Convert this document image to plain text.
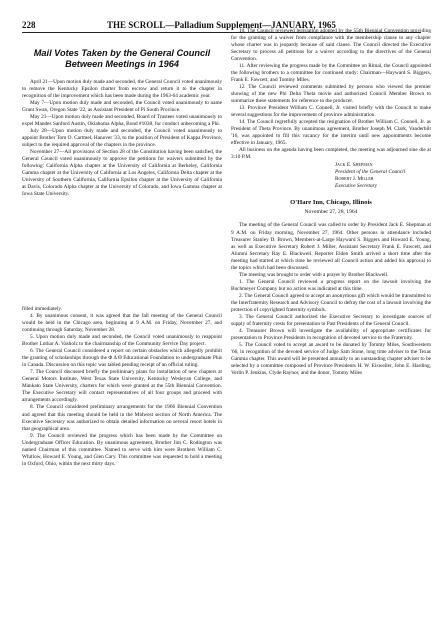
228	THE SCROLL—Palladium Supplement—JANUARY, 1965
Mail Votes Taken by the General Council Between Meetings in 1964

April 21—Upon motion duly made and seconded, the General Council voted unanimously to remove the Kentucky Epsilon charter from escrow and return it to the chapter in recognition of the improvement which has been made during the 1963-64 academic year.

May 7—Upon motion duly made and seconded, the Council voted unanimously to name Grant Swan, Oregon State '22, as Assistant President of Pi South Province.

May 21—Upon motion duly made and seconded, Board of Trustees voted unanimously to expel Mandes Sanford Austin, Oklahoma Alpha, Bond #1038, for conduct unbecoming a Phi.

July 28—Upon motion duly made and seconded, the Council voted unanimously to appoint Brother Tom O. Cartmel, Hanover '33, to the position of President of Kappa Province, subject to the required approval of the chapters in the province.

November 27—All provisions of Section 28 of the Constitution having been satisfied, the General Council voted unanimously to approve the petitions for waivers submitted by the following: California Alpha chapter at the University of California at Berkeley, California Gamma chapter at the University of California at Los Angeles, California Delta chapter at the University of Southern California, California Epsilon chapter at the University of California at Davis, Colorado Alpha chapter at the University of Colorado, and Iowa Gamma chapter at Iowa State University.

filled immediately.

4. By unanimous consent, it was agreed that the fall meeting of the General Council would be held in the Chicago area, beginning at 9 A.M. on Friday, November 27, and continuing through Saturday, November 28.

5. Upon motion duly made and seconded, the Council voted unanimously to reappoint Brother Lothar A. Vasholz to the chairmanship of the Community Service Day project.

6. The General Council considered a report on certain obstacles which allegedly prohibit the granting of scholarships through the Φ Δ Θ Educational Foundation to undergraduate Phis in Canada. Discussion on this topic was tabled pending receipt of an official ruling.

7. The Council discussed briefly the preliminary plans for installation of new chapters at General Motors Institute, West Texas State University, Kentucky Wesleyan College, and Mankato State University, charters for which were granted at the 55th Biennial Convention. The Executive Secretary will contact representatives of all four groups and proceed with arrangements accordingly.

8. The Council considered preliminary arrangements for the 1966 Biennial Convention and agreed that this meeting should be held in the Midwest section of North America. The Executive Secretary was authorized to obtain detailed information on several resort hotels in that geographical area.

9. The Council reviewed the progress which has been made by the Committee on Undergraduate Officer Education. By unanimous agreement, Brother Jim C. Rodington was named Chairman of this committee. Named to serve with him were Brothers William C. Whitlow, Howard E. Young, and Glen Cary. This committee was requested to hold a meeting in Oxford, Ohio, within the next thirty days.

10. The Council reviewed legislation adopted by the 55th Biennial Convention providing for the granting of a waiver from compliance with the membership clause to any chapter whose charter was in jeopardy because of said clause. The Council directed the Executive Secretary to process all petitions for a waiver according to the directives of the General Convention.

11. After reviewing the progress made by the Committee on Ritual, the Council appointed the following brothers to a committee for continued study: Chairman—Hayward S. Biggers, Frank E. Fawcett, and Tommy Miles.

12. The Council reviewed comments submitted by persons who viewed the premier showing of the new Phi Delta Theta movie and authorized Council Member Brown to summarize these statements for reference to the producer.

13. Province President William C. Connell, Jr. visited briefly with the Council to make several suggestions for the improvement of province administration.

14. The Council regretfully accepted the resignation of Brother William C. Connell, Jr. as President of Theta Province. By unanimous agreement, Brother Joseph M. Clark, Vanderbilt '16, was appointed to fill this vacancy for the interim until new appointments become effective in January, 1965.

All business on the agenda having been completed, the meeting was adjourned sine die at 3:10 P.M.

Jack E. Shepman
President of the General Council
Robert J. Miller
Executive Secretary
O'Hare Inn, Chicago, Illinois
November 27, 28, 1964

The meeting of the General Council was called to order by President Jack E. Shepman at 9 A.M. on Friday morning, November 27, 1964. Other persons in attendance included Treasurer Stanley D. Brown, Members-at-Large Hayward S. Biggers and Howard E. Young, as well as Executive Secretary Robert J. Miller, Assistant Secretary Frank E. Fawcett, and Alumni Secretary Ray E. Blackwell. Reporter Elden Smith arrived a short time after the meeting had started at which time he reviewed all Council action and added his approval to the topics which had been discussed.

The meeting was brought to order with a prayer by Brother Blackwell.

1. The General Council reviewed a progress report on the lawsuit involving the Buchmeyer Company but no action was indicated at this time.

2. The General Council agreed to accept an anonymous gift which would be transmitted to the Interfraternity Research and Advisory Council to defray the cost of a lawsuit involving the protection of copyrighted fraternity symbols.

3. The General Council authorized the Executive Secretary to investigate sources of supply of fraternity crests for presentation to Past Presidents of the General Council.

4. Treasurer Brown will investigate the availability of appropriate certificates for presentation to Province Presidents in recognition of devoted service to the Fraternity.

5. The Council voted to accept an award to be donated by Tommy Miles, Southwestern '66, in recognition of the devoted service of Judge Sam Stone, long time adviser to the Texas Gamma chapter. This award will be presented annually to an outstanding chapter adviser to be selected by a committee composed of Province Presidents H. W. Eisweiler, John E. Harding, Verlin P. Jenkins, Clyde Raynor, and the donor, Tommy Miles
